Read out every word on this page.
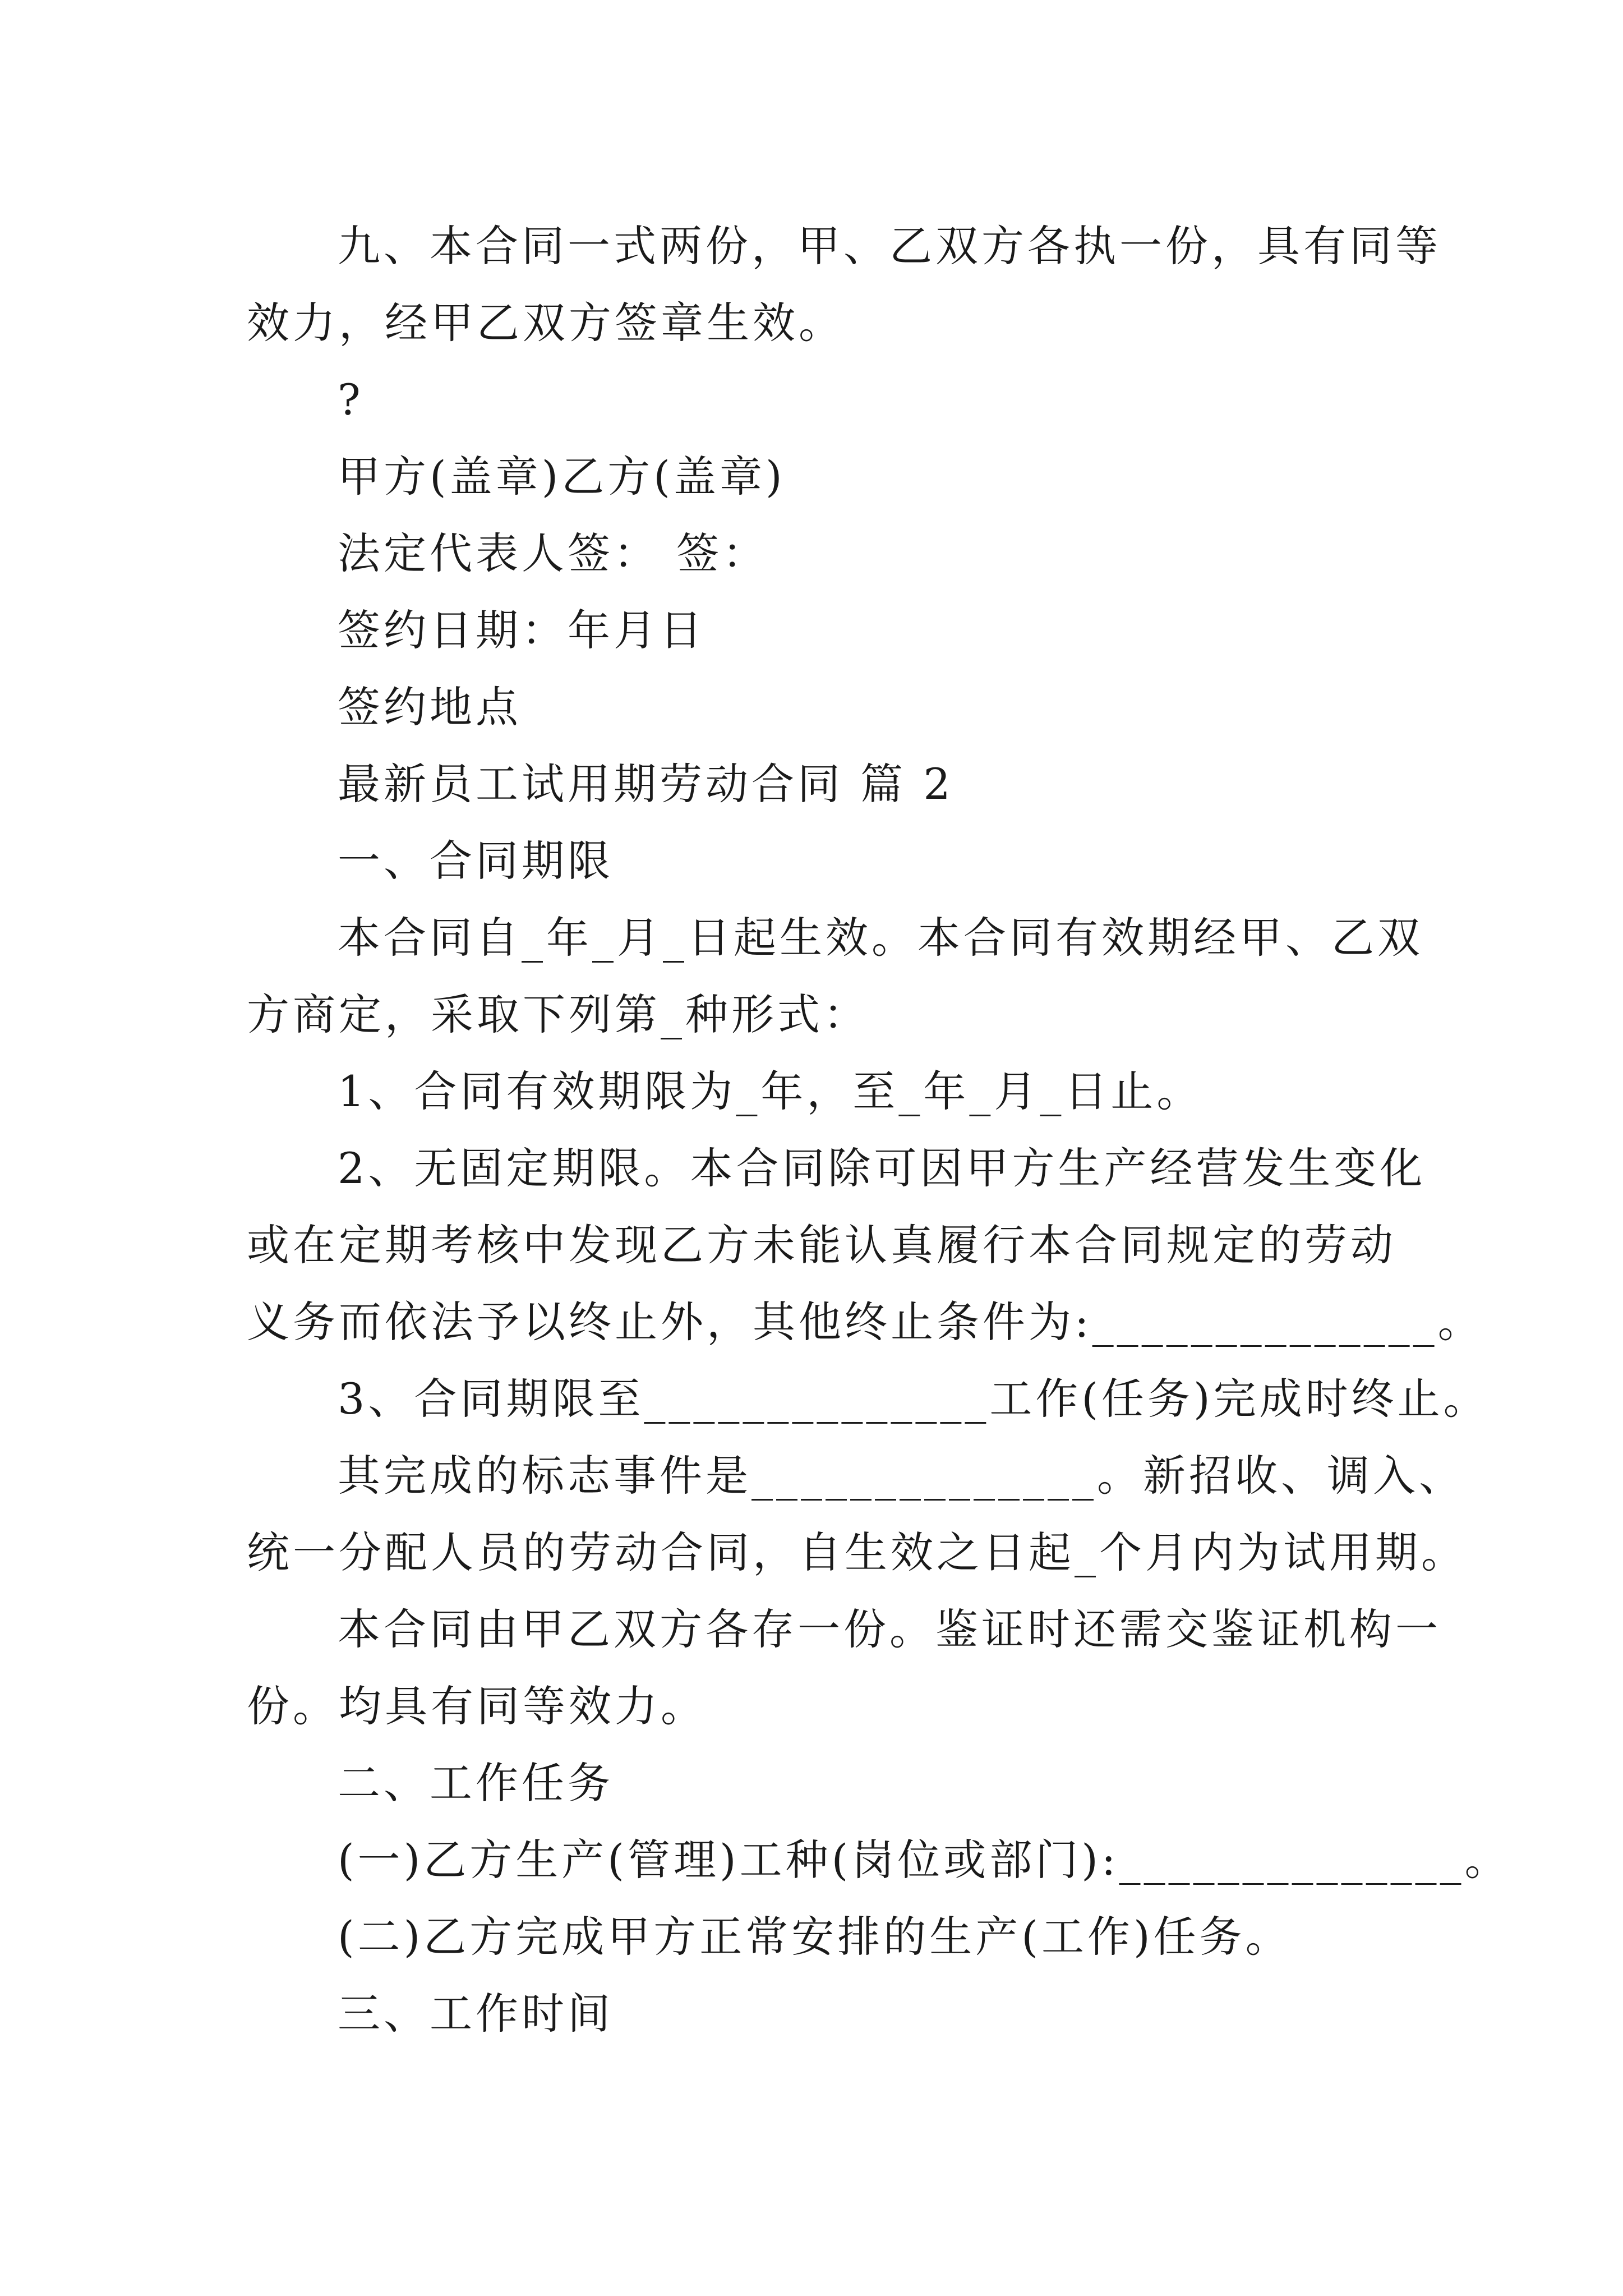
九、本合同一式两份，甲、乙双方各执一份，具有同等
效力，经甲乙双方签章生效。
?
甲方(盖章)乙方(盖章)
法定代表人签： 签：
签约日期：年月日
签约地点
最新员工试用期劳动合同 篇 2
一、合同期限
本合同自_年_月_日起生效。本合同有效期经甲、乙双
方商定，采取下列第_种形式：
1、合同有效期限为_年，至_年_月_日止。
2、无固定期限。本合同除可因甲方生产经营发生变化
或在定期考核中发现乙方未能认真履行本合同规定的劳动
义务而依法予以终止外，其他终止条件为:______________。
3、合同期限至______________工作(任务)完成时终止。
其完成的标志事件是______________。新招收、调入、
统一分配人员的劳动合同，自生效之日起_个月内为试用期。
本合同由甲乙双方各存一份。鉴证时还需交鉴证机构一
份。均具有同等效力。
二、工作任务
(一)乙方生产(管理)工种(岗位或部门):______________。
(二)乙方完成甲方正常安排的生产(工作)任务。
三、工作时间
